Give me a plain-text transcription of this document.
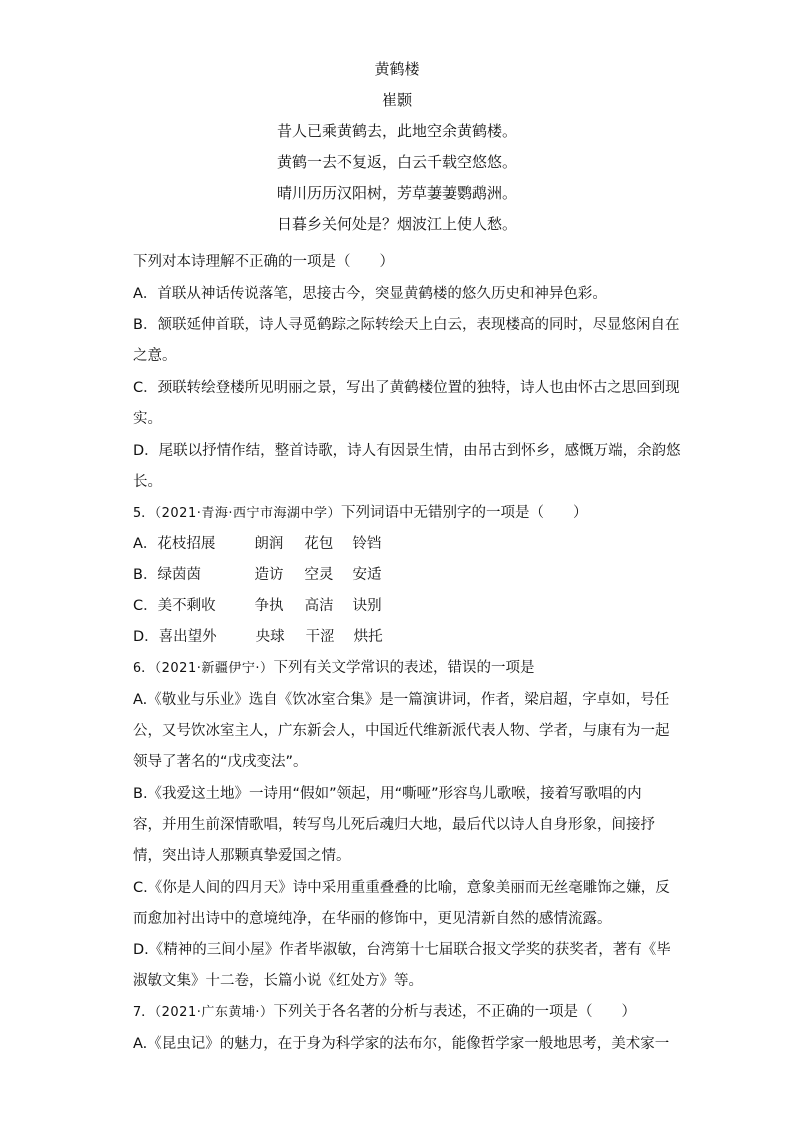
黄鹤楼

崔颢

昔人已乘黄鹤去，此地空余黄鹤楼。

黄鹤一去不复返，白云千载空悠悠。

晴川历历汉阳树，芳草萋萋鹦鹉洲。

日暮乡关何处是？烟波江上使人愁。

下列对本诗理解不正确的一项是（　　）
A．首联从神话传说落笔，思接古今，突显黄鹤楼的悠久历史和神异色彩。
B．颔联延伸首联，诗人寻觅鹤踪之际转绘天上白云，表现楼高的同时，尽显悠闲自在
之意。
C．颈联转绘登楼所见明丽之景，写出了黄鹤楼位置的独特，诗人也由怀古之思回到现
实。
D．尾联以抒情作结，整首诗歌，诗人有因景生情，由吊古到怀乡，感慨万端，余韵悠
长。
5．（2021·青海·西宁市海湖中学）下列词语中无错别字的一项是（　　）
A．花枝招展	朗润 花包 铃铛
B．绿茵茵	造访 空灵 安适
C．美不剩收	争执 高洁 诀别
D．喜出望外	央球 干涩 烘托
6．（2021·新疆伊宁·）下列有关文学常识的表述，错误的一项是
A.《敬业与乐业》选自《饮冰室合集》是一篇演讲词，作者，梁启超，字卓如，号任
公，又号饮冰室主人，广东新会人，中国近代维新派代表人物、学者，与康有为一起
领导了著名的“戊戌变法”。
B.《我爱这土地》一诗用“假如”领起，用“嘶哑”形容鸟儿歌喉，接着写歌唱的内
容，并用生前深情歌唱，转写鸟儿死后魂归大地，最后代以诗人自身形象，间接抒
情，突出诗人那颗真挚爱国之情。
C.《你是人间的四月天》诗中采用重重叠叠的比喻，意象美丽而无丝毫雕饰之嫌，反
而愈加衬出诗中的意境纯净，在华丽的修饰中，更见清新自然的感情流露。
D.《精神的三间小屋》作者毕淑敏，台湾第十七届联合报文学奖的获奖者，著有《毕
淑敏文集》十二卷，长篇小说《红处方》等。
7．（2021·广东黄埔·）下列关于各名著的分析与表述，不正确的一项是（　　）
A.《昆虫记》的魅力，在于身为科学家的法布尔，能像哲学家一般地思考，美术家一
